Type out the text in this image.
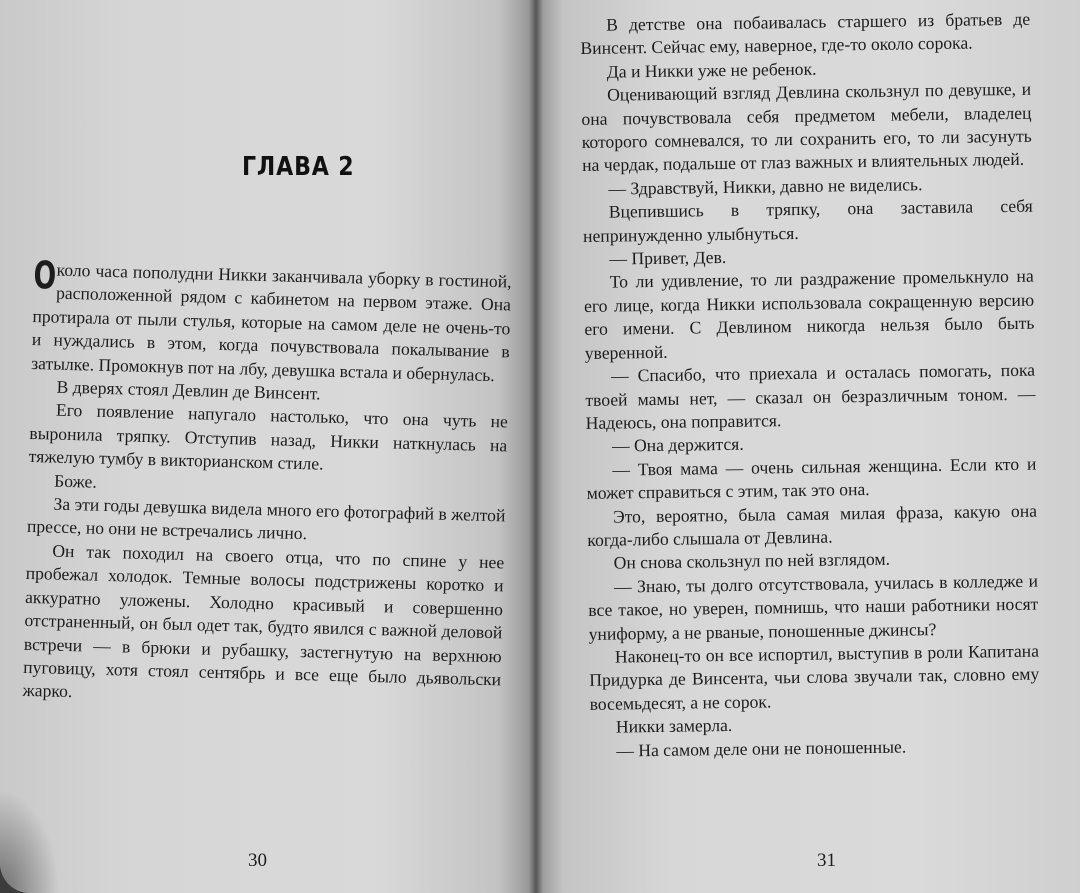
ГЛАВА 2

Около часа пополудни Никки заканчивала уборку в гостиной, расположенной рядом с кабинетом на первом этаже. Она протирала от пыли стулья, которые на самом деле не очень-то и нуждались в этом, когда почувствовала покалывание в затылке. Промокнув пот на лбу, девушка встала и обернулась.

В дверях стоял Девлин де Винсент.

Его появление напугало настолько, что она чуть не выронила тряпку. Отступив назад, Никки наткнулась на тяжелую тумбу в викторианском стиле.

Боже.

За эти годы девушка видела много его фотографий в желтой прессе, но они не встречались лично.

Он так походил на своего отца, что по спине у нее пробежал холодок. Темные волосы подстрижены коротко и аккуратно уложены. Холодно красивый и совершенно отстраненный, он был одет так, будто явился с важной деловой встречи — в брюки и рубашку, застегнутую на верхнюю пуговицу, хотя стоял сентябрь и все еще было дьявольски жарко.

30

В детстве она побаивалась старшего из братьев де Винсент. Сейчас ему, наверное, где-то около сорока.

Да и Никки уже не ребенок.

Оценивающий взгляд Девлина скользнул по девушке, и она почувствовала себя предметом мебели, владелец которого сомневался, то ли сохранить его, то ли засунуть на чердак, подальше от глаз важных и влиятельных людей.

— Здравствуй, Никки, давно не виделись.

Вцепившись в тряпку, она заставила себя непринужденно улыбнуться.

— Привет, Дев.

То ли удивление, то ли раздражение промелькнуло на его лице, когда Никки использовала сокращенную версию его имени. С Девлином никогда нельзя было быть уверенной.

— Спасибо, что приехала и осталась помогать, пока твоей мамы нет, — сказал он безразличным тоном. — Надеюсь, она поправится.

— Она держится.

— Твоя мама — очень сильная женщина. Если кто и может справиться с этим, так это она.

Это, вероятно, была самая милая фраза, какую она когда-либо слышала от Девлина.

Он снова скользнул по ней взглядом.

— Знаю, ты долго отсутствовала, училась в колледже и все такое, но уверен, помнишь, что наши работники носят униформу, а не рваные, поношенные джинсы?

Наконец-то он все испортил, выступив в роли Капитана Придурка де Винсента, чьи слова звучали так, словно ему восемьдесят, а не сорок.

Никки замерла.

— На самом деле они не поношенные.

31
